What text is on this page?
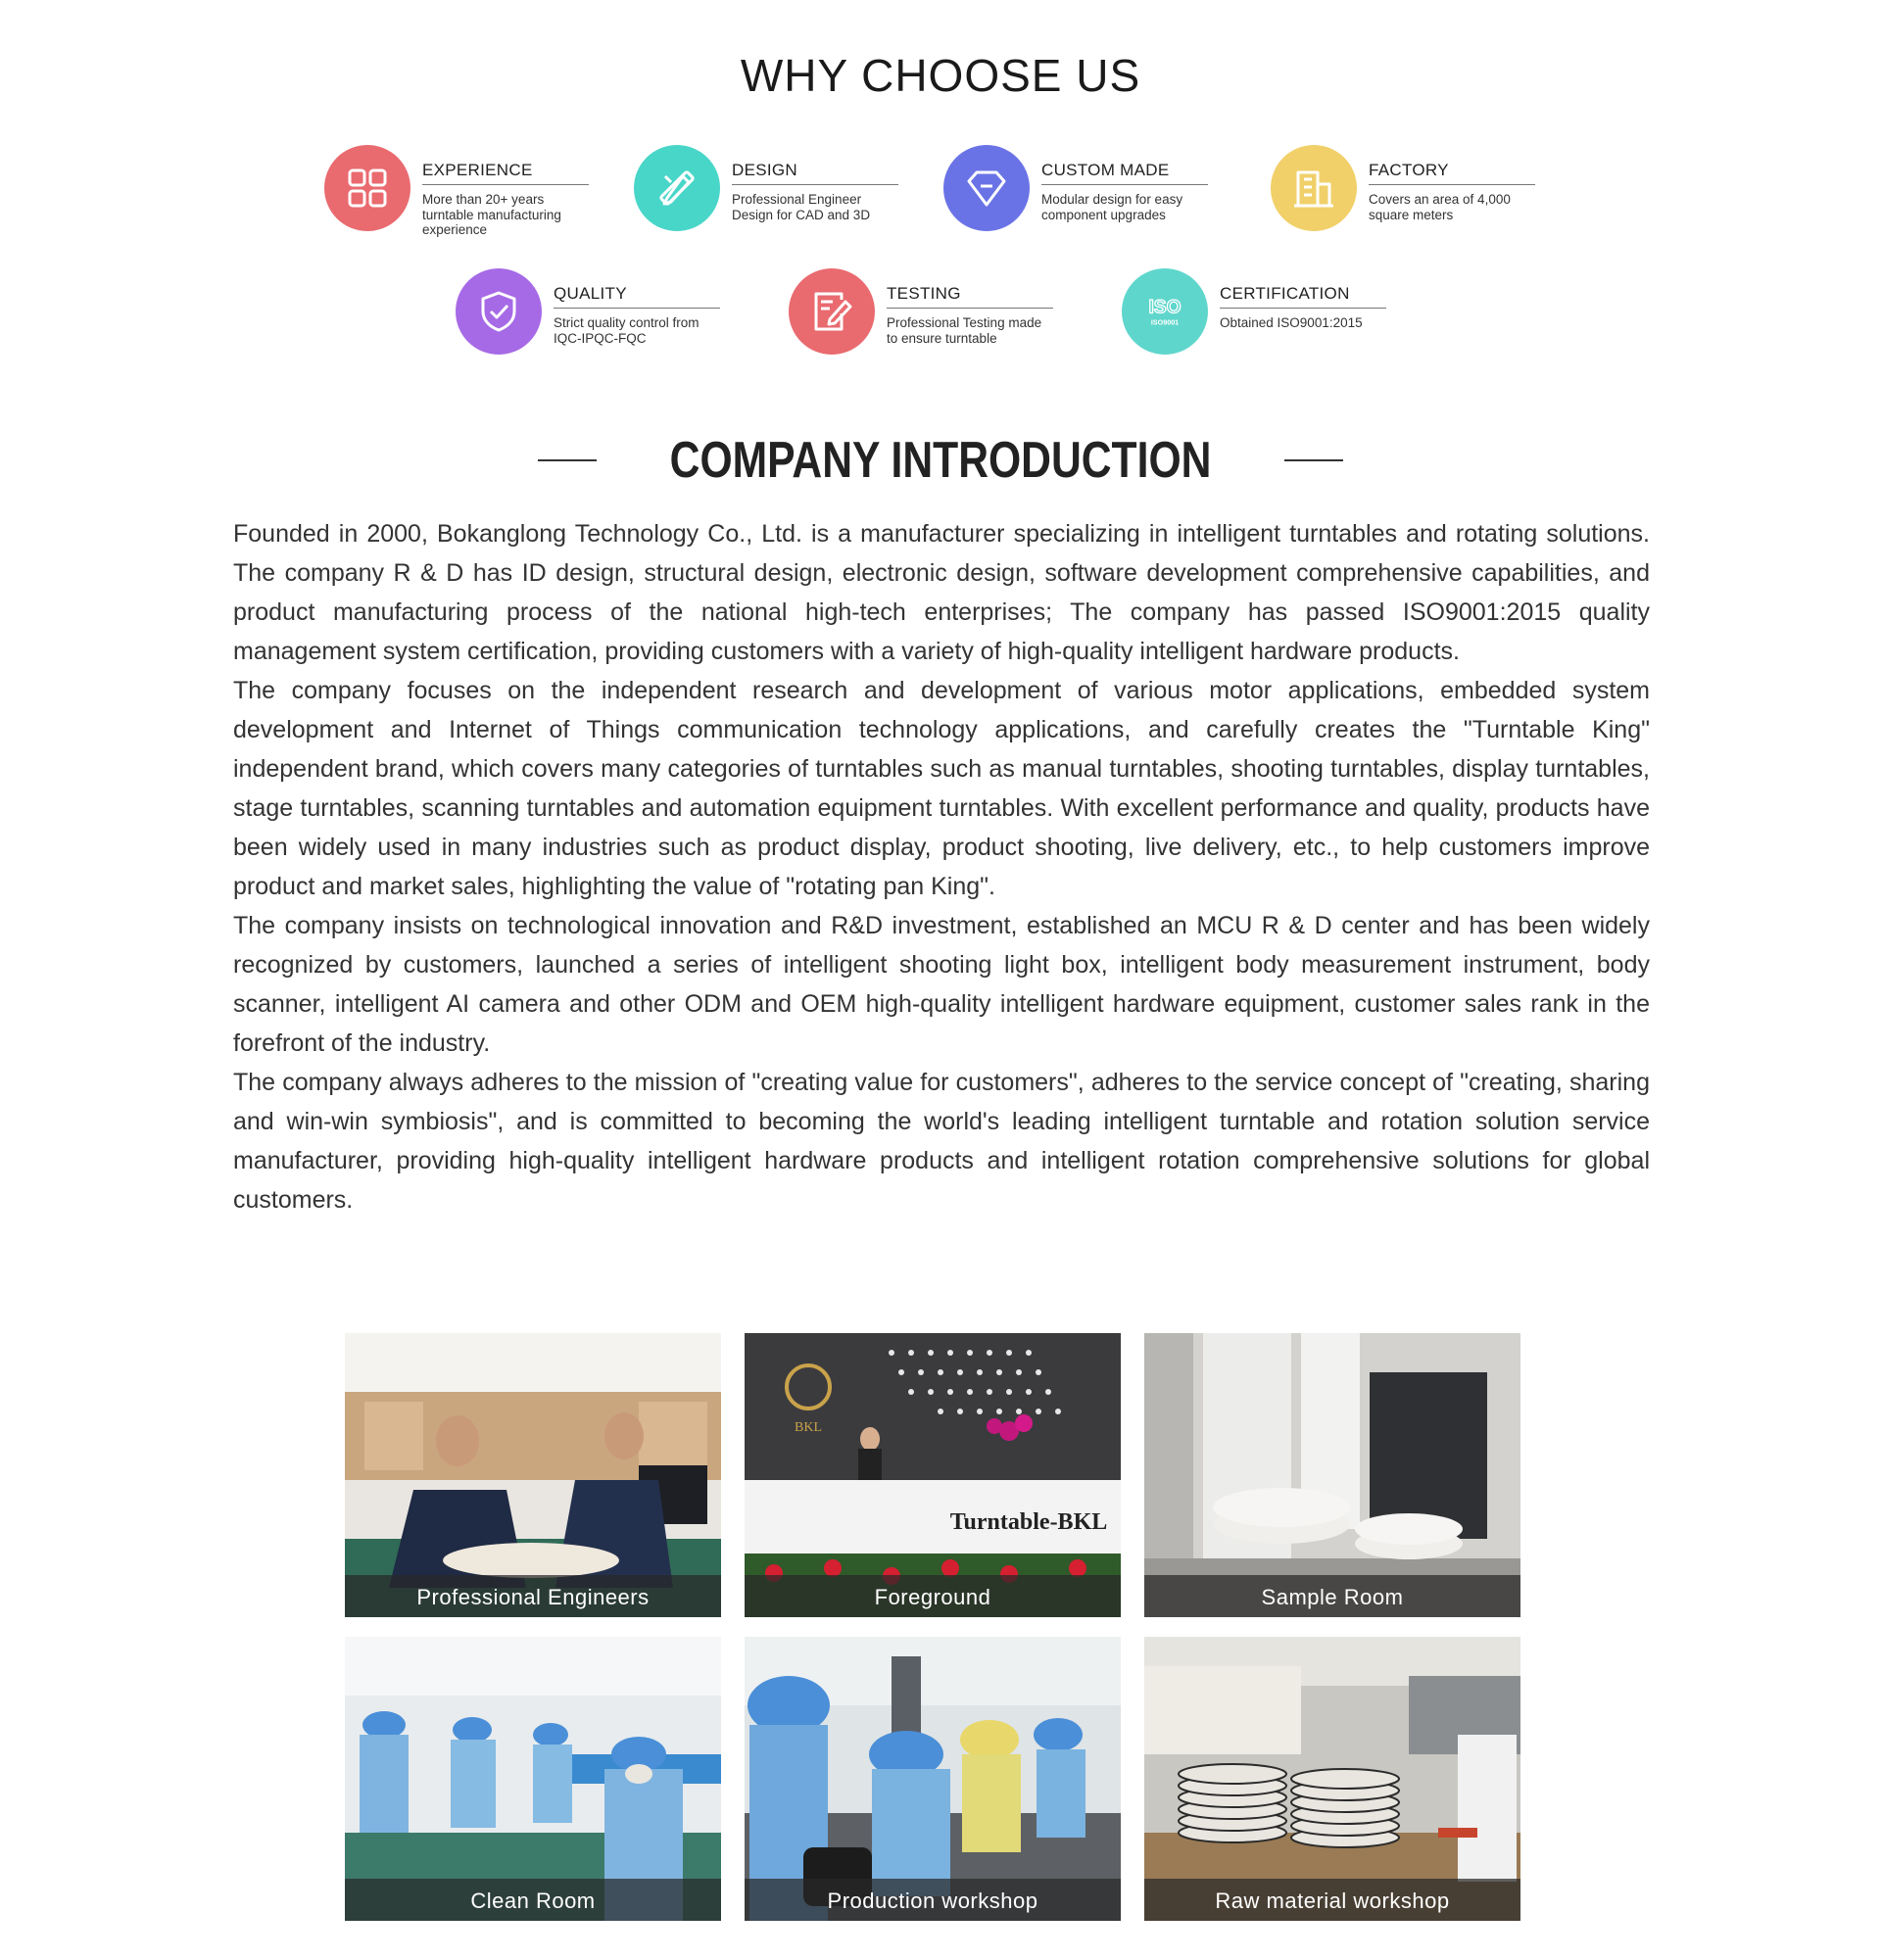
WHY CHOOSE US
EXPERIENCE
More than 20+ years
turntable manufacturing
experience
DESIGN
Professional Engineer
Design for CAD and 3D
CUSTOM MADE
Modular design for easy
component upgrades
FACTORY
Covers an area of 4,000
square meters
QUALITY
Strict quality control from
IQC-IPQC-FQC
TESTING
Professional Testing made
to ensure turntable
ISO
ISO9001
CERTIFICATION
Obtained ISO9001:2015
COMPANY INTRODUCTION

Founded in 2000, Bokanglong Technology Co., Ltd. is a manufacturer specializing in intelligent turntables and rotating solutions. The company R & D has ID design, structural design, electronic design, software development comprehensive capabilities, and product manufacturing process of the national high-tech enterprises; The company has passed ISO9001:2015 quality management system certification, providing customers with a variety of high-quality intelligent hardware products.

The company focuses on the independent research and development of various motor applications, embedded system development and Internet of Things communication technology applications, and carefully creates the "Turntable King" independent brand, which covers many categories of turntables such as manual turntables, shooting turntables, display turntables, stage turntables, scanning turntables and automation equipment turntables. With excellent performance and quality, products have been widely used in many industries such as product display, product shooting, live delivery, etc., to help customers improve product and market sales, highlighting the value of "rotating pan King".

The company insists on technological innovation and R&D investment, established an MCU R & D center and has been widely recognized by customers, launched a series of intelligent shooting light box, intelligent body measurement instrument, body scanner, intelligent AI camera and other ODM and OEM high-quality intelligent hardware equipment, customer sales rank in the forefront of the industry.

The company always adheres to the mission of "creating value for customers", adheres to the service concept of "creating, sharing and win-win symbiosis", and is committed to becoming the world's leading intelligent turntable and rotation solution service manufacturer, providing high-quality intelligent hardware products and intelligent rotation comprehensive solutions for global customers.

Professional Engineers
BKL
Turntable-BKL
Foreground	Sample Room
Clean Room	Production workshop	Raw material workshop
